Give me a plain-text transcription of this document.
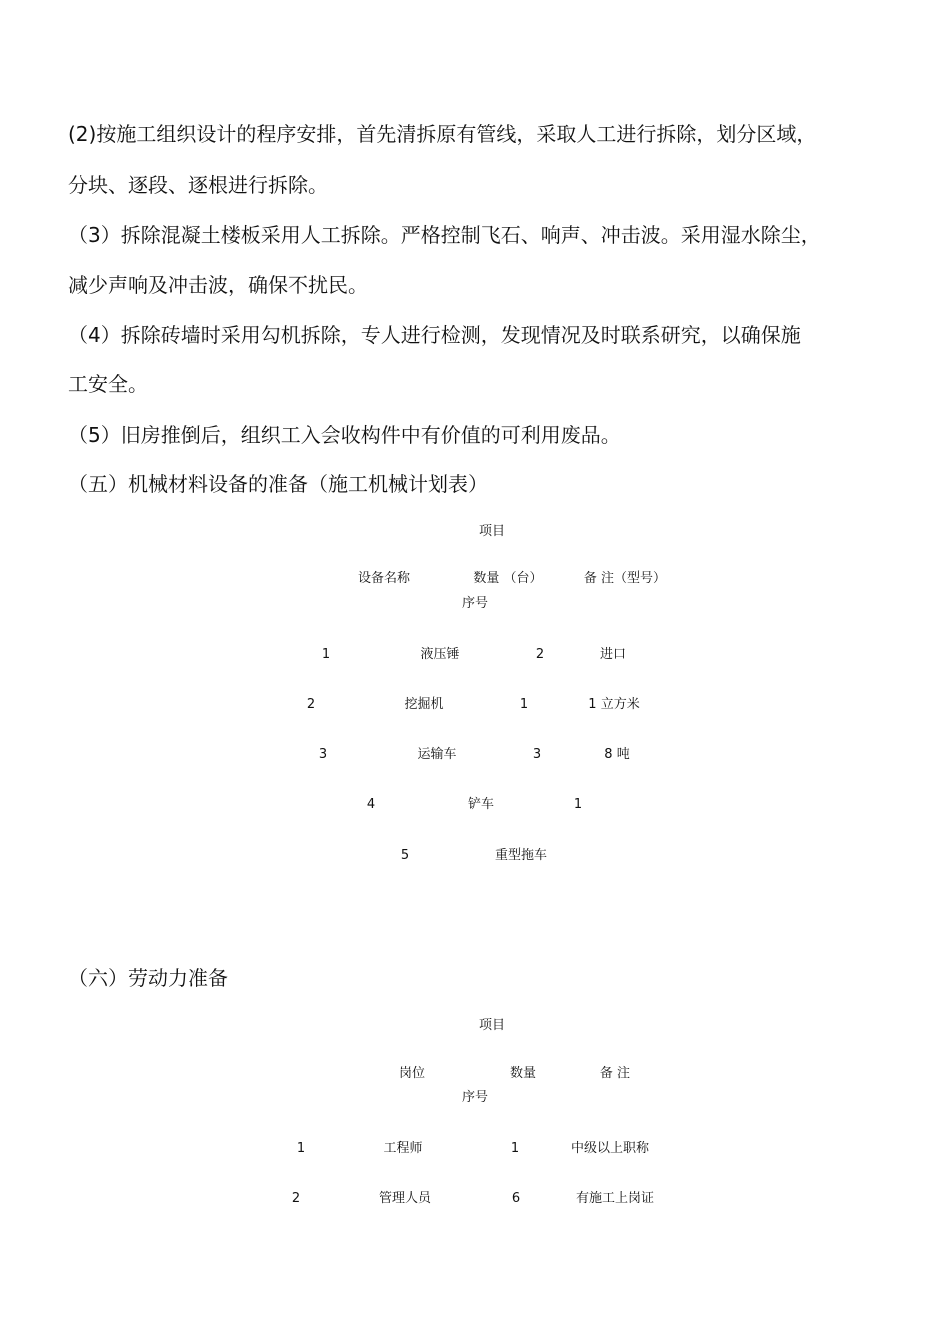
(2)按施工组织设计的程序安排，首先清拆原有管线，采取人工进行拆除，划分区域，
分块、逐段、逐根进行拆除。
（3）拆除混凝土楼板采用人工拆除。严格控制飞石、响声、冲击波。采用湿水除尘，
减少声响及冲击波，确保不扰民。
（4）拆除砖墙时采用勾机拆除，专人进行检测，发现情况及时联系研究，以确保施
工安全。
（5）旧房推倒后，组织工入会收构件中有价值的可利用废品。
（五）机械材料设备的准备（施工机械计划表）
项目
设备名称	数量 （台）	备 注（型号）
序号
1	液压锤	2	进口
2	挖掘机	1	1 立方米
3	运输车	3	8 吨
4	铲车	1
5	重型拖车
（六）劳动力准备
项目
岗位	数量	备 注
序号
1	工程师	1	中级以上职称
2	管理人员	6	有施工上岗证
